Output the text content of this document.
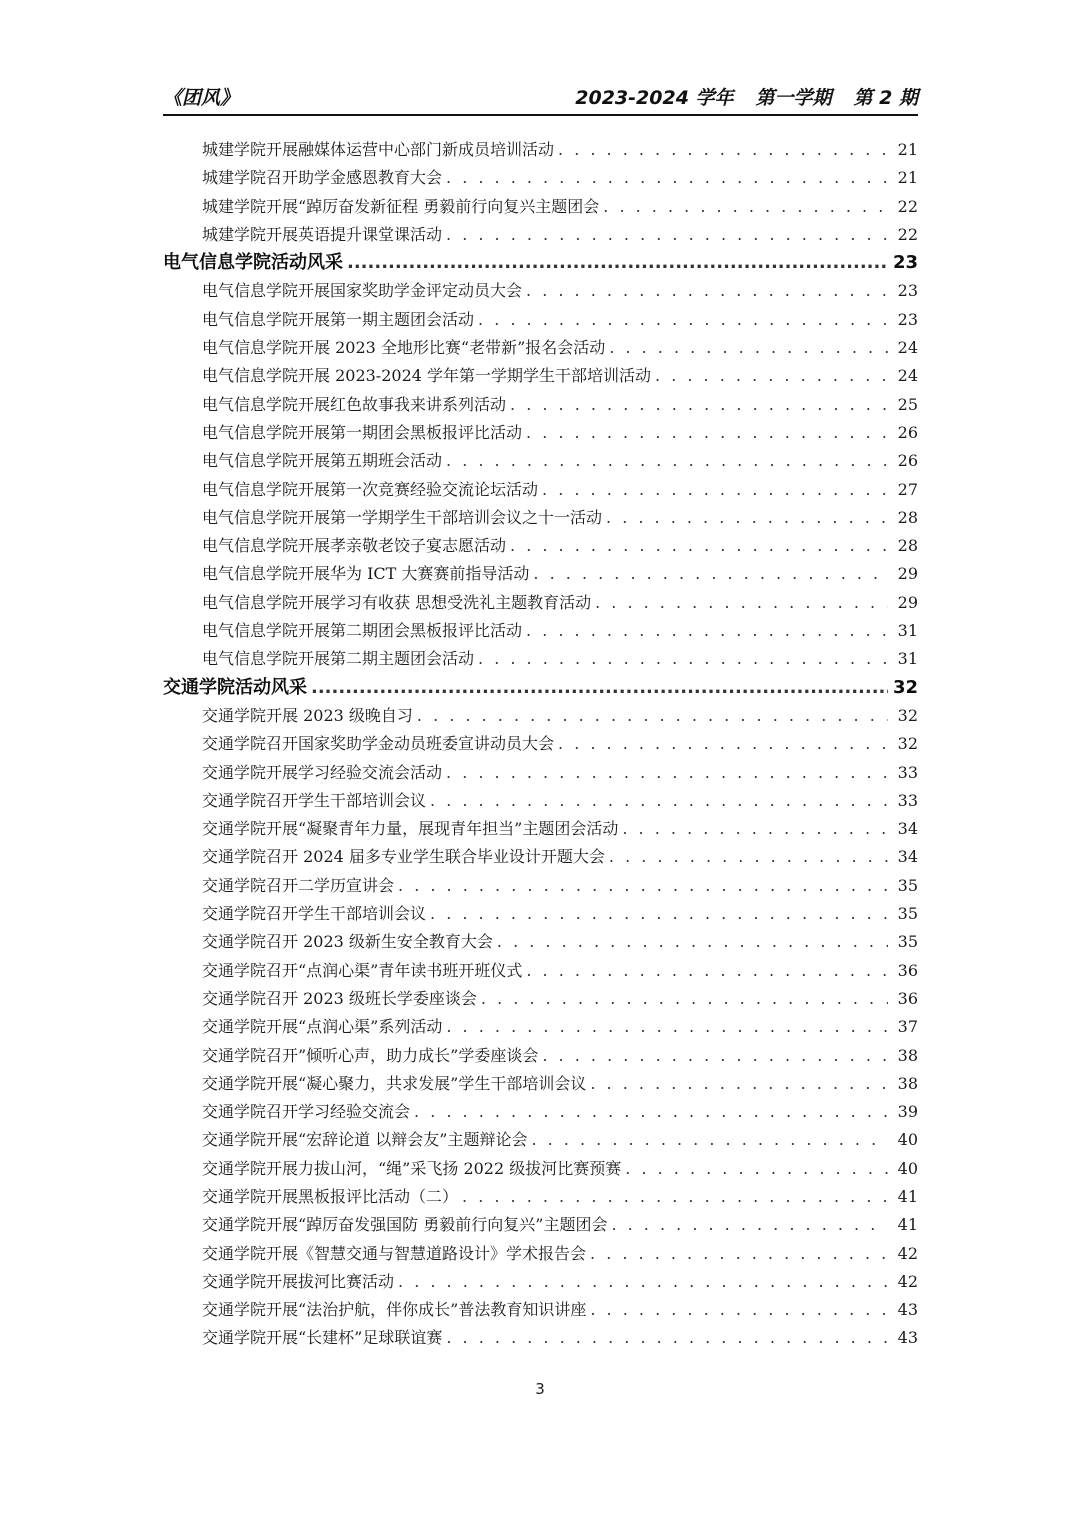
《团风》	2023-2024 学年 第一学期 第 2 期
城建学院开展融媒体运营中心部门新成员培训活动 . . .	21
城建学院召开助学金感恩教育大会 . . .	21
城建学院开展“踔厉奋发新征程 勇毅前行向复兴主题团会 . . .	22
城建学院开展英语提升课堂课活动 . . .	22
电气信息学院活动风采 .....	23
电气信息学院开展国家奖助学金评定动员大会 . . .	23
电气信息学院开展第一期主题团会活动 . . .	23
电气信息学院开展 2023 全地形比赛“老带新”报名会活动 . . .	24
电气信息学院开展 2023-2024 学年第一学期学生干部培训活动 . . .	24
电气信息学院开展红色故事我来讲系列活动 . . .	25
电气信息学院开展第一期团会黑板报评比活动 . . .	26
电气信息学院开展第五期班会活动 . . .	26
电气信息学院开展第一次竞赛经验交流论坛活动 . . .	27
电气信息学院开展第一学期学生干部培训会议之十一活动 . . .	28
电气信息学院开展孝亲敬老饺子宴志愿活动 . . .	28
电气信息学院开展华为 ICT 大赛赛前指导活动 . . .	29
电气信息学院开展学习有收获 思想受洗礼主题教育活动 . . .	29
电气信息学院开展第二期团会黑板报评比活动 . . .	31
电气信息学院开展第二期主题团会活动 . . .	31
交通学院活动风采 .....	32
交通学院开展 2023 级晚自习 . . .	32
交通学院召开国家奖助学金动员班委宣讲动员大会 . . .	32
交通学院开展学习经验交流会活动 . . .	33
交通学院召开学生干部培训会议 . . .	33
交通学院开展“凝聚青年力量，展现青年担当”主题团会活动 . . .	34
交通学院召开 2024 届多专业学生联合毕业设计开题大会 . . .	34
交通学院召开二学历宣讲会 . . .	35
交通学院召开学生干部培训会议 . . .	35
交通学院召开 2023 级新生安全教育大会 . . .	35
交通学院召开“点润心渠”青年读书班开班仪式 . . .	36
交通学院召开 2023 级班长学委座谈会 . . .	36
交通学院开展“点润心渠”系列活动 . . .	37
交通学院召开”倾听心声，助力成长”学委座谈会 . . .	38
交通学院开展“凝心聚力，共求发展”学生干部培训会议 . . .	38
交通学院召开学习经验交流会 . . .	39
交通学院开展“宏辞论道 以辩会友”主题辩论会 . . .	40
交通学院开展力拔山河，“绳”采飞扬 2022 级拔河比赛预赛 . . .	40
交通学院开展黑板报评比活动（二） . . .	41
交通学院开展“踔厉奋发强国防 勇毅前行向复兴”主题团会 . . .	41
交通学院开展《智慧交通与智慧道路设计》学术报告会 . . .	42
交通学院开展拔河比赛活动 . . .	42
交通学院开展“法治护航，伴你成长”普法教育知识讲座 . . .	43
交通学院开展“长建杯”足球联谊赛 . . .	43
3
